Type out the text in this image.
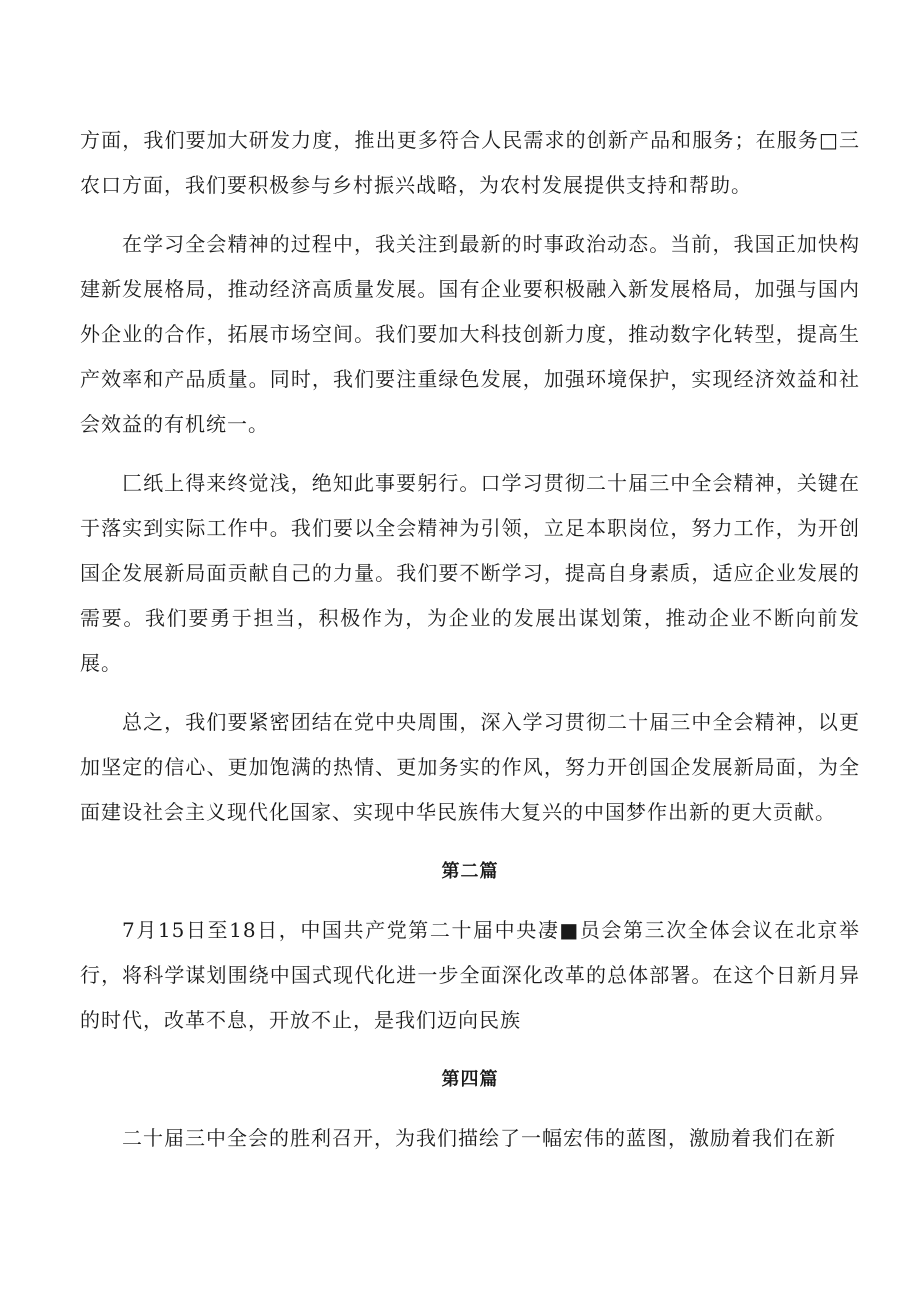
方面，我们要加大研发力度，推出更多符合人民需求的创新产品和服务；在服务□三农口方面，我们要积极参与乡村振兴战略，为农村发展提供支持和帮助。

在学习全会精神的过程中，我关注到最新的时事政治动态。当前，我国正加快构建新发展格局，推动经济高质量发展。国有企业要积极融入新发展格局，加强与国内外企业的合作，拓展市场空间。我们要加大科技创新力度，推动数字化转型，提高生产效率和产品质量。同时，我们要注重绿色发展，加强环境保护，实现经济效益和社会效益的有机统一。

匚纸上得来终觉浅，绝知此事要躬行。口学习贯彻二十届三中全会精神，关键在于落实到实际工作中。我们要以全会精神为引领，立足本职岗位，努力工作，为开创国企发展新局面贡献自己的力量。我们要不断学习，提高自身素质，适应企业发展的需要。我们要勇于担当，积极作为，为企业的发展出谋划策，推动企业不断向前发展。

总之，我们要紧密团结在党中央周围，深入学习贯彻二十届三中全会精神，以更加坚定的信心、更加饱满的热情、更加务实的作风，努力开创国企发展新局面，为全面建设社会主义现代化国家、实现中华民族伟大复兴的中国梦作出新的更大贡献。

第二篇

7月15日至18日，中国共产党第二十届中央凄■员会第三次全体会议在北京举行，将科学谋划围绕中国式现代化进一步全面深化改革的总体部署。在这个日新月异的时代，改革不息，开放不止，是我们迈向民族

第四篇

二十届三中全会的胜利召开，为我们描绘了一幅宏伟的蓝图，激励着我们在新
